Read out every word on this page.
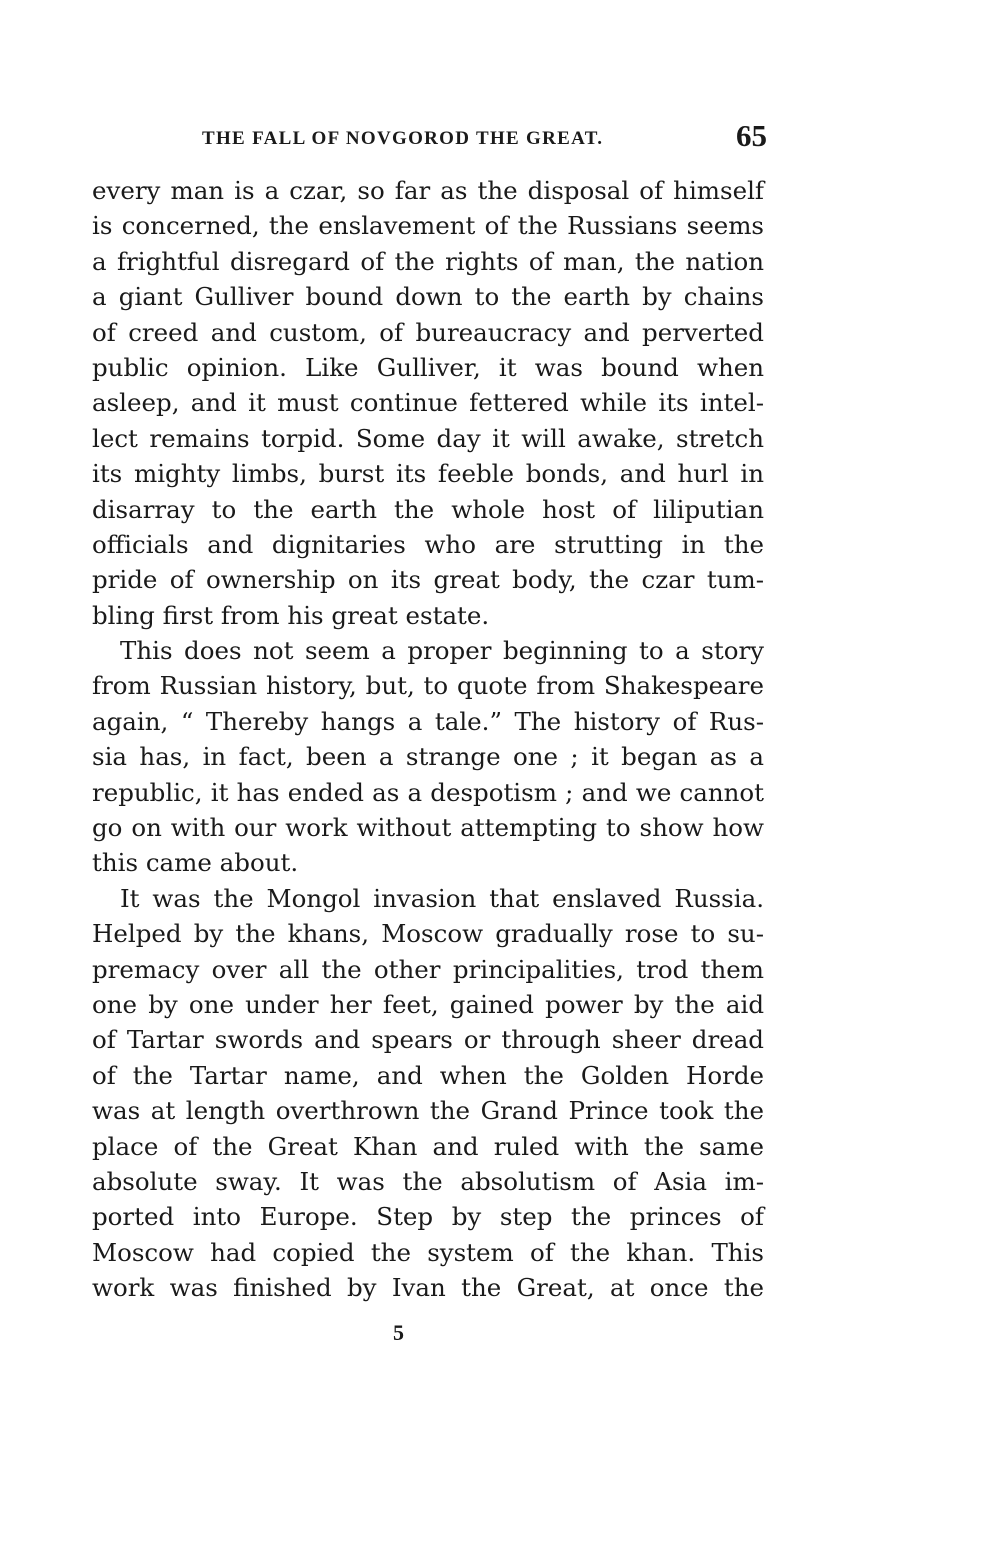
THE FALL OF NOVGOROD THE GREAT.	65
every man is a czar, so far as the disposal of himself
is concerned, the enslavement of the Russians seems
a frightful disregard of the rights of man, the nation
a giant Gulliver bound down to the earth by chains
of creed and custom, of bureaucracy and perverted
public opinion. Like Gulliver, it was bound when
asleep, and it must continue fettered while its intel-
lect remains torpid. Some day it will awake, stretch
its mighty limbs, burst its feeble bonds, and hurl in
disarray to the earth the whole host of liliputian
officials and dignitaries who are strutting in the
pride of ownership on its great body, the czar tum-
bling first from his great estate.
This does not seem a proper beginning to a story
from Russian history, but, to quote from Shakespeare
again, “ Thereby hangs a tale.” The history of Rus-
sia has, in fact, been a strange one ; it began as a
republic, it has ended as a despotism ; and we cannot
go on with our work without attempting to show how
this came about.
It was the Mongol invasion that enslaved Russia.
Helped by the khans, Moscow gradually rose to su-
premacy over all the other principalities, trod them
one by one under her feet, gained power by the aid
of Tartar swords and spears or through sheer dread
of the Tartar name, and when the Golden Horde
was at length overthrown the Grand Prince took the
place of the Great Khan and ruled with the same
absolute sway. It was the absolutism of Asia im-
ported into Europe. Step by step the princes of
Moscow had copied the system of the khan. This
work was finished by Ivan the Great, at once the
5
